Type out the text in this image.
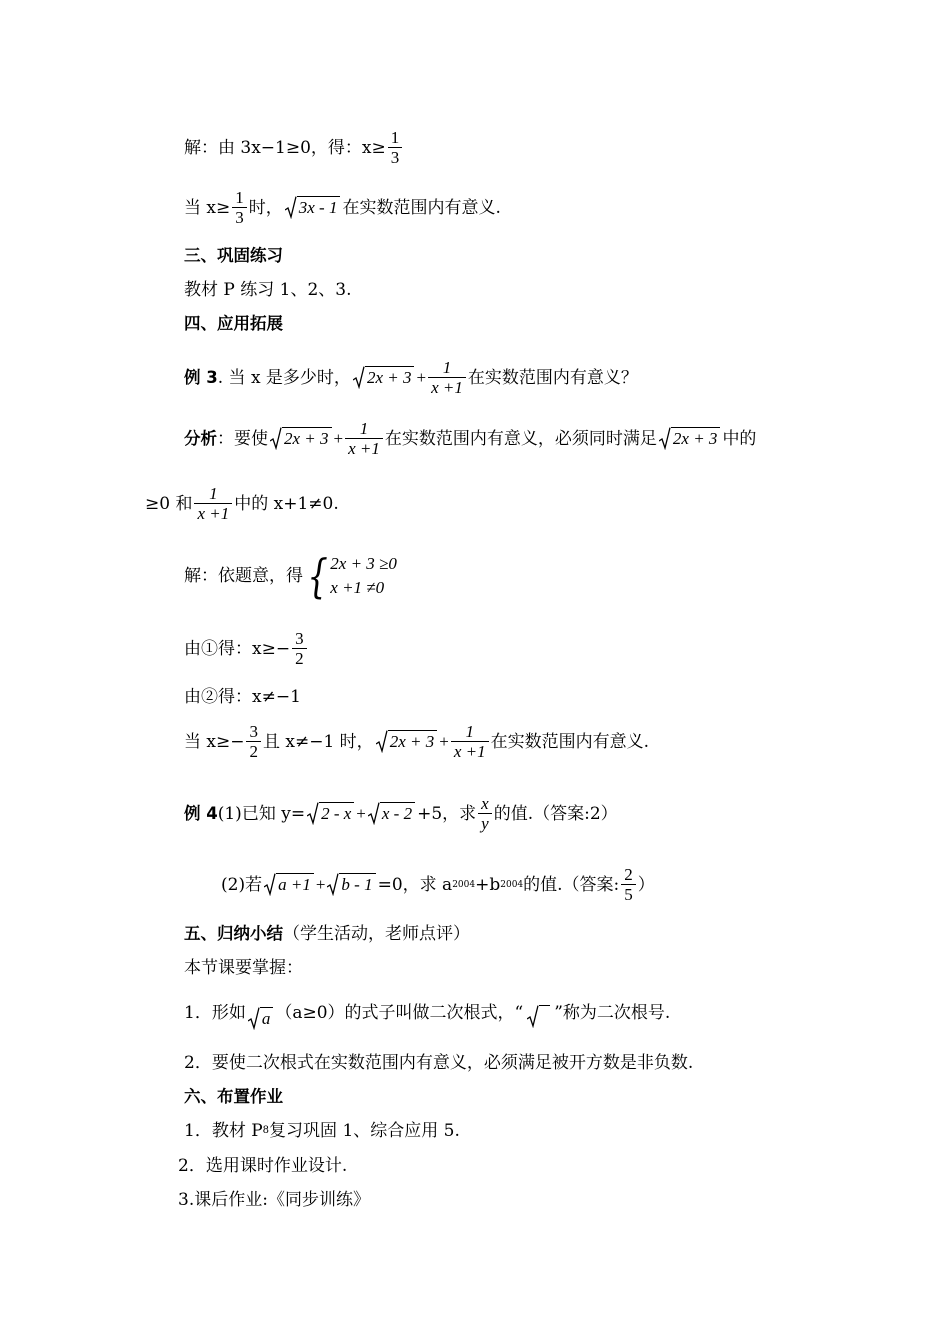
解：由 3x−1≥0，得：$x\ge \frac{1}{3}$
当 $x\ge \frac{1}{3}$ 时， 3x - 1 在实数范围内有意义.
三、巩固练习
教材 P 练习 1、2、3.
四、应用拓展
例 3 . 当 x 是多少时， $2x + 3 + \frac{1}{x +1}$ 在实数范围内有意义？
分析 ：要使 $2x + 3 + \frac{1}{x +1}$ 在实数范围内有意义，必须同时满足 2x + 3 中的
≥0 和 $\frac{1}{x +1}$ 中的 x+1≠0.
解：依题意，得 { 2x + 3 ≥0
x +1 ≠0
由①得：$x\ge- \frac{3}{2}$
由②得：x≠−1
当 $x\ge- \frac{3}{2}$ 且 x≠−1 时， $2x + 3 + \frac{1}{x +1}$ 在实数范围内有意义.
例 4 (1)已知 y= 2 - x + x - 2 +5，求 $\frac{x}{y}$ 的值.（答案:2）
(2)若 a +1 + b - 1 =0，求 a 2004 +b 2004 的值.（答案: $\frac{2}{5}$ ）
五、归纳小结 （学生活动，老师点评）
本节课要掌握：
1．形如 a （a≥0）的式子叫做二次根式，“ ”称为二次根号.
2．要使二次根式在实数范围内有意义，必须满足被开方数是非负数.
六、布置作业
1．教材 P 8 复习巩固 1、综合应用 5.
2．选用课时作业设计.
3.课后作业:《同步训练》
